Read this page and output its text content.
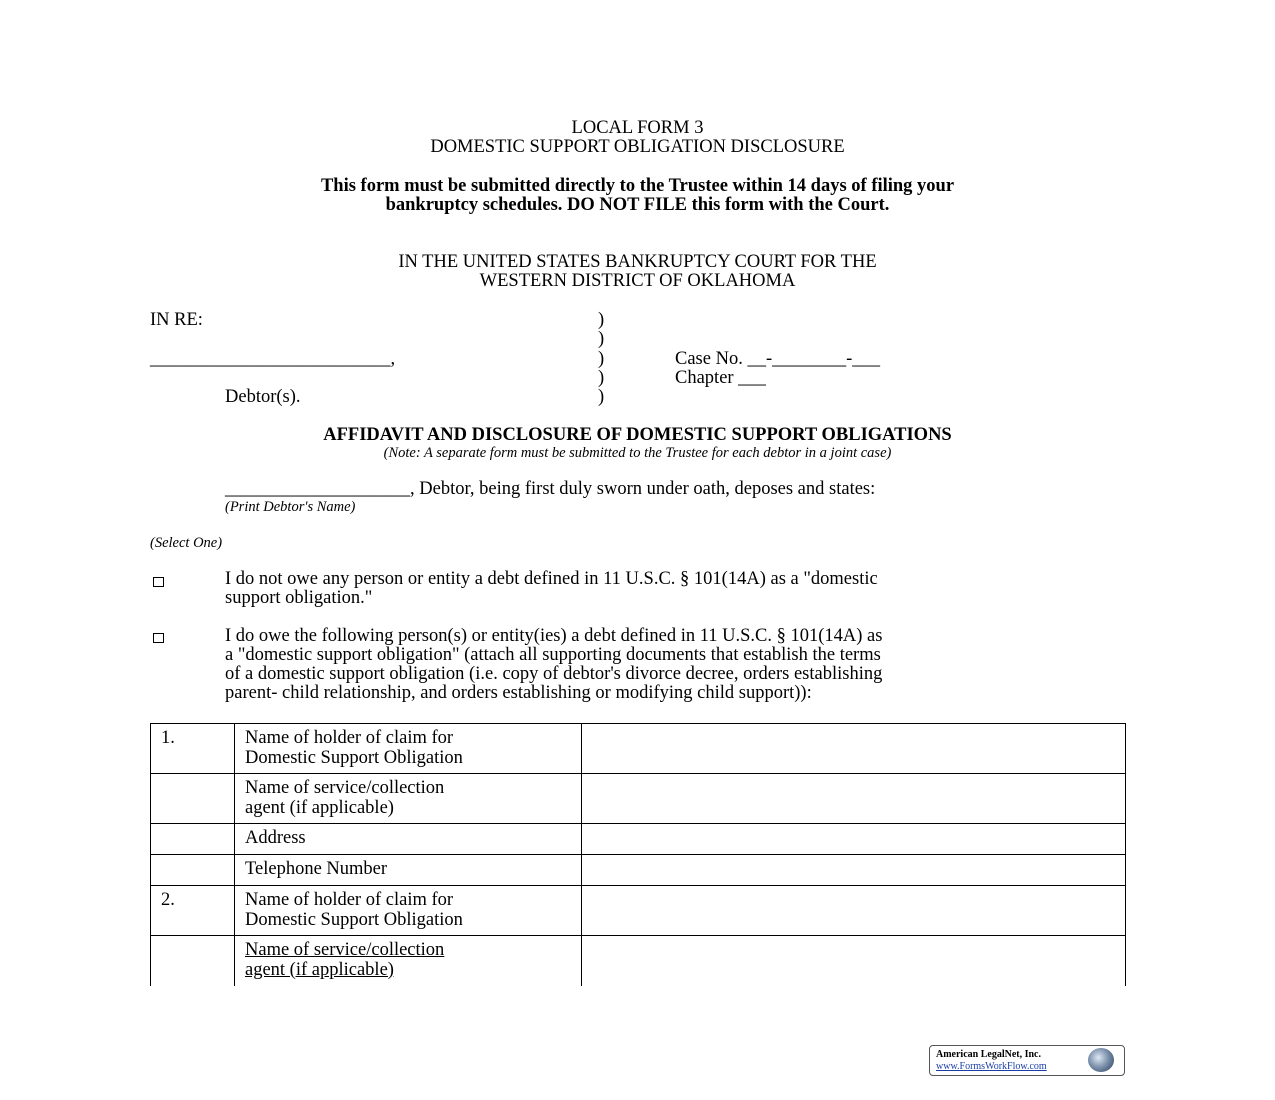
LOCAL FORM 3
DOMESTIC SUPPORT OBLIGATION DISCLOSURE
This form must be submitted directly to the Trustee within 14 days of filing your
bankruptcy schedules. DO NOT FILE this form with the Court.
IN THE UNITED STATES BANKRUPTCY COURT FOR THE
WESTERN DISTRICT OF OKLAHOMA
IN RE:
__________________________,
Debtor(s).
)
)
)
)
)
Case No. __-________-___
Chapter ___
AFFIDAVIT AND DISCLOSURE OF DOMESTIC SUPPORT OBLIGATIONS
(Note: A separate form must be submitted to the Trustee for each debtor in a joint case)
____________________, Debtor, being first duly sworn under oath, deposes and states:
(Print Debtor's Name)
(Select One)
I do not owe any person or entity a debt defined in 11 U.S.C. § 101(14A) as a "domestic
support obligation."
I do owe the following person(s) or entity(ies) a debt defined in 11 U.S.C. § 101(14A) as
a "domestic support obligation" (attach all supporting documents that establish the terms
of a domestic support obligation (i.e. copy of debtor's divorce decree, orders establishing
parent- child relationship, and orders establishing or modifying child support)):
1.	Name of holder of claim for
Domestic Support Obligation	
	Name of service/collection
agent (if applicable)	
	Address	
	Telephone Number	
2.	Name of holder of claim for
Domestic Support Obligation	
	Name of service/collection
agent (if applicable)	
American LegalNet, Inc.
www.FormsWorkFlow.com
